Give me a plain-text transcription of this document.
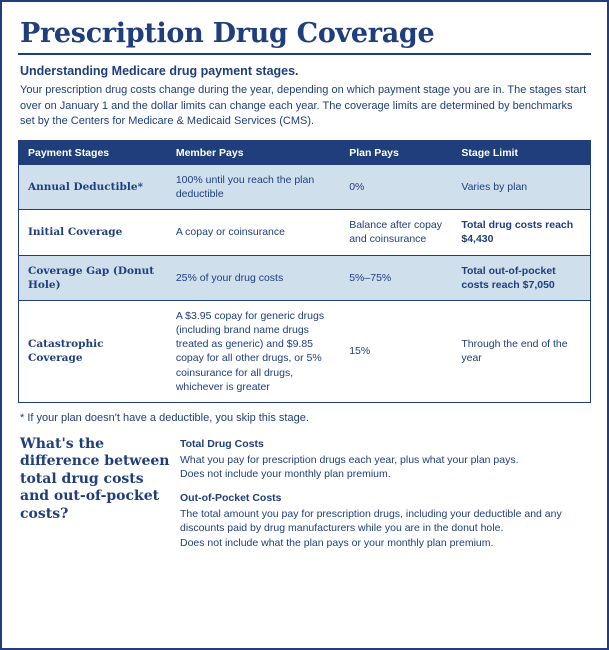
Prescription Drug Coverage
Understanding Medicare drug payment stages.

Your prescription drug costs change during the year, depending on which payment stage you are in. The stages start over on January 1 and the dollar limits can change each year. The coverage limits are determined by benchmarks set by the Centers for Medicare & Medicaid Services (CMS).

Payment Stages	Member Pays	Plan Pays	Stage Limit
Annual Deductible*	100% until you reach the plan deductible	0%	Varies by plan
Initial Coverage	A copay or coinsurance	Balance after copay and coinsurance	Total drug costs reach $4,430
Coverage Gap (Donut Hole)	25% of your drug costs	5%–75%	Total out-of-pocket costs reach $7,050
Catastrophic Coverage	A $3.95 copay for generic drugs (including brand name drugs treated as generic) and $9.85 copay for all other drugs, or 5% coinsurance for all drugs, whichever is greater	15%	Through the end of the year
* If your plan doesn't have a deductible, you skip this stage.
What's the difference between total drug costs and out-of-pocket costs?
Total Drug Costs

What you pay for prescription drugs each year, plus what your plan pays.

Does not include your monthly plan premium.

Out-of-Pocket Costs

The total amount you pay for prescription drugs, including your deductible and any discounts paid by drug manufacturers while you are in the donut hole.

Does not include what the plan pays or your monthly plan premium.
